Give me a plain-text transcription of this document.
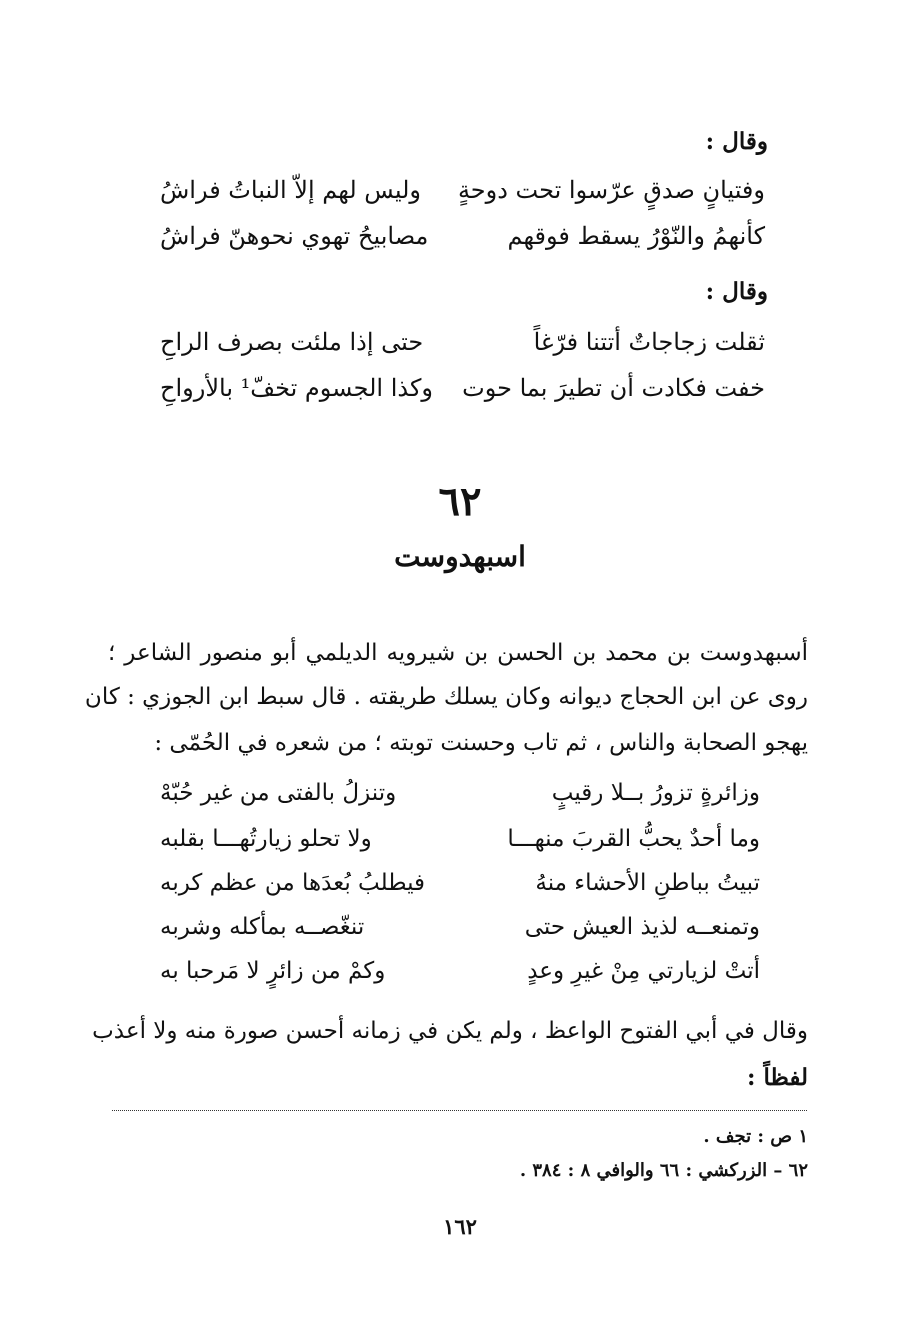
وقال :
وفتيانٍ صدقٍ عرّسوا تحت دوحةٍ
وليس لهم إلاّ النباتُ فراشُ
كأنهمُ والنّوْرُ يسقط فوقهم
مصابيحُ تهوي نحوهنّ فراشُ
وقال :
ثقلت زجاجاتٌ أتتنا فرّغاً
حتى إذا ملئت بصرف الراحِ
خفت فكادت أن تطيرَ بما حوت
وكذا الجسوم تخفّ¹ بالأرواحِ
٦٢
اسبهدوست
أسبهدوست بن محمد بن الحسن بن شيرويه الديلمي أبو منصور الشاعر ؛
روى عن ابن الحجاج ديوانه وكان يسلك طريقته . قال سبط ابن الجوزي : كان
يهجو الصحابة والناس ، ثم تاب وحسنت توبته ؛ من شعره في الحُمّى :
وزائرةٍ تزورُ بــلا رقيبٍ
وتنزلُ بالفتى من غير حُبّهْ
وما أحدٌ يحبُّ القربَ منهـــا
ولا تحلو زيارتُهـــا بقلبه
تبيتُ بباطنِ الأحشاء منهُ
فيطلبُ بُعدَها من عظم كربه
وتمنعــه لذيذ العيش حتى
تنغّصــه بمأكله وشربه
أتتْ لزيارتي مِنْ غيرِ وعدٍ
وكمْ من زائرٍ لا مَرحبا به
وقال في أبي الفتوح الواعظ ، ولم يكن في زمانه أحسن صورة منه ولا أعذب
لفظاً :
١ ص : تجف .
٦٢ – الزركشي : ٦٦ والوافي ٨ : ٣٨٤ .
١٦٢
